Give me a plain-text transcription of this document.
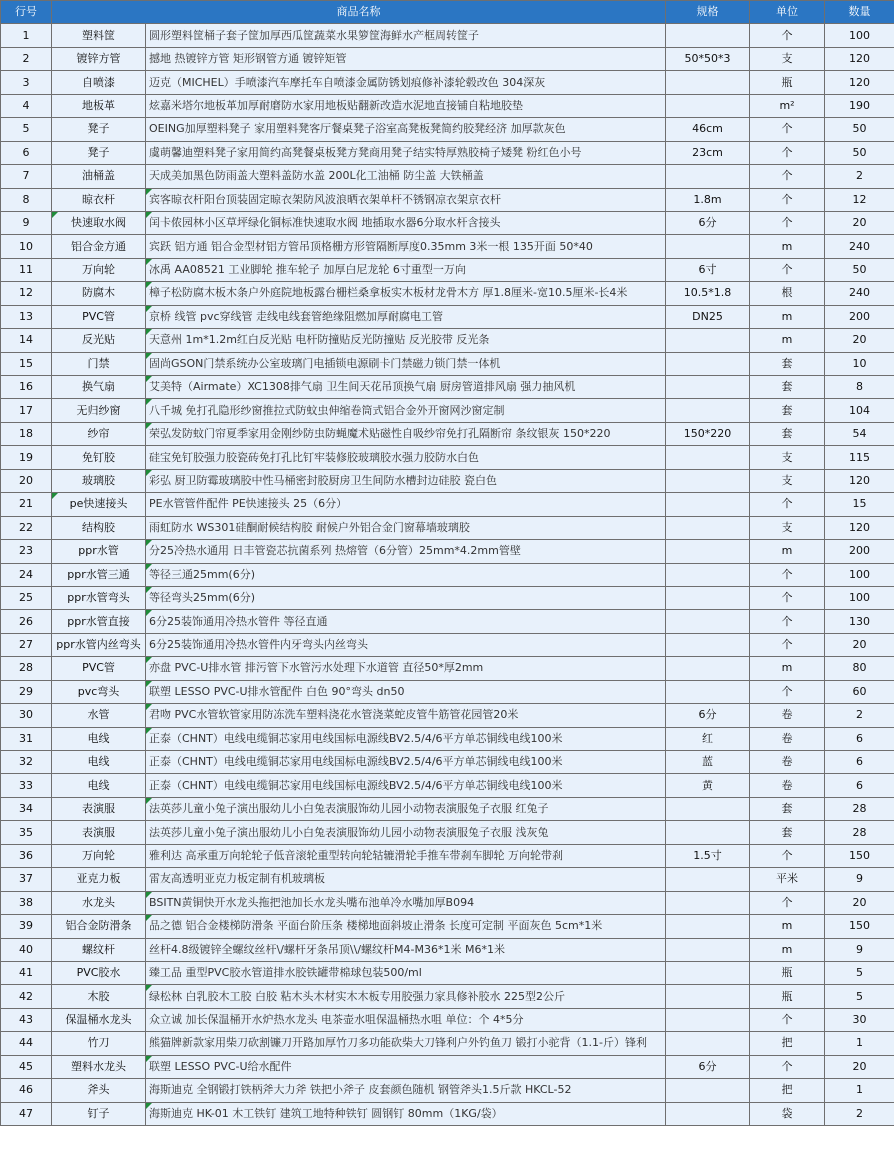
行号	商品名称		规格	单位	数量
1	塑料筐	圆形塑料筐桶子套子筐加厚西瓜筐蔬菜水果箩筐海鲜水产框周转筐子		个	100
2	镀锌方管	撼地 热镀锌方管 矩形钢管方通 镀锌矩管	50*50*3	支	120
3	自喷漆	迈克（MICHEL）手喷漆汽车摩托车自喷漆金属防锈划痕修补漆轮毂改色 304深灰		瓶	120
4	地板革	炫嘉米塔尔地板革加厚耐磨防水家用地板贴翻新改造水泥地直接铺自粘地胶垫		m²	190
5	凳子	OEING加厚塑料凳子 家用塑料凳客厅餐桌凳子浴室高凳板凳简约胶凳经济 加厚款灰色	46cm	个	50
6	凳子	虞萌馨迪塑料凳子家用简约高凳餐桌板凳方凳商用凳子结实特厚熟胶椅子矮凳 粉红色小号	23cm	个	50
7	油桶盖	天成美加黑色防雨盖大塑料盖防水盖 200L化工油桶 防尘盖 大铁桶盖		个	2
8	晾衣杆	宾客晾衣杆阳台顶装固定晾衣架防风波浪晒衣架单杆不锈钢凉衣架京衣杆	1.8m	个	12
9	快速取水阀	闰卡侬园林小区草坪绿化铜标准快速取水阀 地插取水器6分取水杆含接头	6分	个	20
10	铝合金方通	宾跃 铝方通 铝合金型材铝方管吊顶格栅方形管隔断厚度0.35mm 3米一根 135开面 50*40		m	240
11	万向轮	冰禹 AA08521 工业脚轮 推车轮子 加厚白尼龙轮 6寸重型一万向	6寸	个	50
12	防腐木	樟子松防腐木板木条户外庭院地板露台栅栏桑拿板实木板材龙骨木方 厚1.8厘米-宽10.5厘米-长4米	10.5*1.8	根	240
13	PVC管	京桥 线管 pvc穿线管 走线电线套管绝缘阻燃加厚耐腐电工管	DN25	m	200
14	反光贴	天意州 1m*1.2m红白反光贴 电杆防撞贴反光防撞贴 反光胶带 反光条		m	20
15	门禁	固尚GSON门禁系统办公室玻璃门电插锁电源刷卡门禁磁力锁门禁一体机		套	10
16	换气扇	艾美特（Airmate）XC1308排气扇 卫生间天花吊顶换气扇 厨房管道排风扇 强力抽风机		套	8
17	无归纱窗	八千城 免打孔隐形纱窗推拉式防蚊虫伸缩卷筒式铝合金外开窗网沙窗定制		套	104
18	纱帘	荣弘发防蚊门帘夏季家用金刚纱防虫防蝇魔术贴磁性自吸纱帘免打孔隔断帘 条纹银灰 150*220	150*220	套	54
19	免钉胶	硅宝免钉胶强力胶瓷砖免打孔比钉牢装修胶玻璃胶水强力胶防水白色		支	115
20	玻璃胶	彩弘 厨卫防霉玻璃胶中性马桶密封胶厨房卫生间防水槽封边硅胶 瓷白色		支	120
21	pe快速接头	PE水管管件配件 PE快速接头 25（6分）		个	15
22	结构胶	雨虹防水 WS301硅酮耐候结构胶 耐候户外铝合金门窗幕墙玻璃胶		支	120
23	ppr水管	分25冷热水通用 日丰管瓷芯抗菌系列 热熔管（6分管）25mm*4.2mm管壁		m	200
24	ppr水管三通	等径三通25mm(6分)		个	100
25	ppr水管弯头	等径弯头25mm(6分)		个	100
26	ppr水管直接	6分25装饰通用冷热水管件 等径直通		个	130
27	ppr水管内丝弯头	6分25装饰通用冷热水管件内牙弯头内丝弯头		个	20
28	PVC管	亦盘 PVC-U排水管 排污管下水管污水处理下水道管 直径50*厚2mm		m	80
29	pvc弯头	联塑 LESSO PVC-U排水管配件 白色 90°弯头 dn50		个	60
30	水管	君吻 PVC水管软管家用防冻洗车塑料浇花水管浇菜蛇皮管牛筋管花园管20米	6分	卷	2
31	电线	正泰（CHNT）电线电缆铜芯家用电线国标电源线BV2.5/4/6平方单芯铜线电线100米	红	卷	6
32	电线	正泰（CHNT）电线电缆铜芯家用电线国标电源线BV2.5/4/6平方单芯铜线电线100米	蓝	卷	6
33	电线	正泰（CHNT）电线电缆铜芯家用电线国标电源线BV2.5/4/6平方单芯铜线电线100米	黄	卷	6
34	表演服	法英莎儿童小兔子演出服幼儿小白兔表演服饰幼儿园小动物表演服兔子衣服 红兔子		套	28
35	表演服	法英莎儿童小兔子演出服幼儿小白兔表演服饰幼儿园小动物表演服兔子衣服 浅灰兔		套	28
36	万向轮	雅利达 高承重万向轮轮子低音滚轮重型转向轮轱辘滑轮手推车带刹车脚轮 万向轮带刹	1.5寸	个	150
37	亚克力板	雷友高透明亚克力板定制有机玻璃板		平米	9
38	水龙头	BSITN黄铜快开水龙头拖把池加长水龙头嘴布池单冷水嘴加厚B094		个	20
39	铝合金防滑条	品之德 铝合金楼梯防滑条 平面台阶压条 楼梯地面斜坡止滑条 长度可定制 平面灰色 5cm*1米		m	150
40	螺纹杆	丝杆4.8级镀锌全螺纹丝杆\/螺杆牙条吊顶\\/螺纹杆M4-M36*1米 M6*1米		m	9
41	PVC胶水	臻工品 重型PVC胶水管道排水胶铁罐带棉球包装500/ml		瓶	5
42	木胶	绿松林 白乳胶木工胶 白胶 粘木头木材实木木板专用胶强力家具修补胶水 225型2公斤		瓶	5
43	保温桶水龙头	众立诚 加长保温桶开水炉热水龙头 电茶壶水咀保温桶热水咀 单位：个 4*5分		个	30
44	竹刀	熊猫牌新款家用柴刀砍割镰刀开路加厚竹刀多功能砍柴大刀锋利户外钓鱼刀 锻打小驼背（1.1-斤）锋利		把	1
45	塑料水龙头	联塑 LESSO PVC-U给水配件	6分	个	20
46	斧头	海斯迪克 全钢锻打铁柄斧大力斧 铁把小斧子 皮套颜色随机 钢管斧头1.5斤款 HKCL-52		把	1
47	钉子	海斯迪克 HK-01 木工铁钉 建筑工地特种铁钉 圆钢钉 80mm（1KG/袋）		袋	2
